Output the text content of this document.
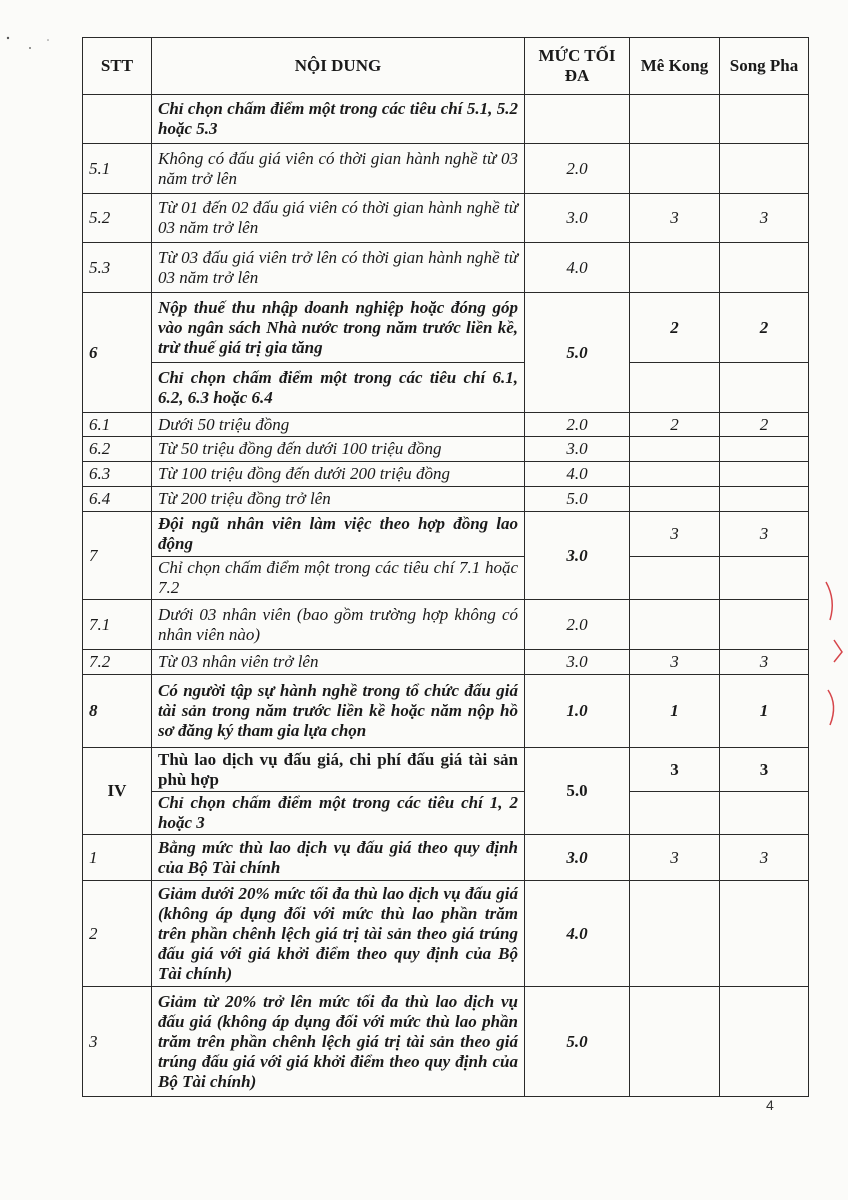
STT	NỘI DUNG	MỨC TỐI ĐA	Mê Kong	Song Pha
	Chỉ chọn chấm điểm một trong các tiêu chí 5.1, 5.2 hoặc 5.3			
5.1	Không có đấu giá viên có thời gian hành nghề từ 03 năm trở lên	2.0		
5.2	Từ 01 đến 02 đấu giá viên có thời gian hành nghề từ 03 năm trở lên	3.0	3	3
5.3	Từ 03 đấu giá viên trở lên có thời gian hành nghề từ 03 năm trở lên	4.0		
6	Nộp thuế thu nhập doanh nghiệp hoặc đóng góp vào ngân sách Nhà nước trong năm trước liền kề, trừ thuế giá trị gia tăng	5.0	2	2
	Chỉ chọn chấm điểm một trong các tiêu chí 6.1, 6.2, 6.3 hoặc 6.4			
6.1	Dưới 50 triệu đồng	2.0	2	2
6.2	Từ 50 triệu đồng đến dưới 100 triệu đồng	3.0		
6.3	Từ 100 triệu đồng đến dưới 200 triệu đồng	4.0		
6.4	Từ 200 triệu đồng trở lên	5.0		
7	Đội ngũ nhân viên làm việc theo hợp đồng lao động	3.0	3	3
	Chỉ chọn chấm điểm một trong các tiêu chí 7.1 hoặc 7.2			
7.1	Dưới 03 nhân viên (bao gồm trường hợp không có nhân viên nào)	2.0		
7.2	Từ 03 nhân viên trở lên	3.0	3	3
8	Có người tập sự hành nghề trong tổ chức đấu giá tài sản trong năm trước liền kề hoặc năm nộp hồ sơ đăng ký tham gia lựa chọn	1.0	1	1
IV	Thù lao dịch vụ đấu giá, chi phí đấu giá tài sản phù hợp	5.0	3	3
	Chỉ chọn chấm điểm một trong các tiêu chí 1, 2 hoặc 3			
1	Bằng mức thù lao dịch vụ đấu giá theo quy định của Bộ Tài chính	3.0	3	3
2	Giảm dưới 20% mức tối đa thù lao dịch vụ đấu giá (không áp dụng đối với mức thù lao phần trăm trên phần chênh lệch giá trị tài sản theo giá trúng đấu giá với giá khởi điểm theo quy định của Bộ Tài chính)	4.0		
3	Giảm từ 20% trở lên mức tối đa thù lao dịch vụ đấu giá (không áp dụng đối với mức thù lao phần trăm trên phần chênh lệch giá trị tài sản theo giá trúng đấu giá với giá khởi điểm theo quy định của Bộ Tài chính)	5.0		
4
